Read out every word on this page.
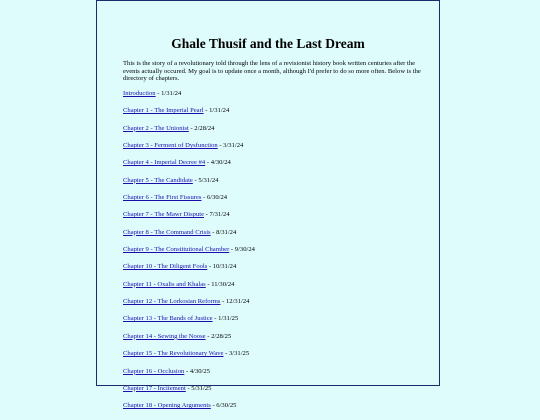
Ghale Thusif and the Last Dream

This is the story of a revolutionary told through the lens of a revisionist history book written centuries after the events actually occured. My goal is to update once a month, although I'd prefer to do so more often. Below is the directory of chapters.

Introduction - 1/31/24
Chapter 1 - The Imperial Pearl - 1/31/24
Chapter 2 - The Unionist - 2/28/24
Chapter 3 - Ferment of Dysfunction - 3/31/24
Chapter 4 - Imperial Decree #4 - 4/30/24
Chapter 5 - The Candidate - 5/31/24
Chapter 6 - The First Fissures - 6/30/24
Chapter 7 - The Mawr Dispute - 7/31/24
Chapter 8 - The Command Crisis - 8/31/24
Chapter 9 - The Constitutional Chamber - 9/30/24
Chapter 10 - The Diligent Fools - 10/31/24
Chapter 11 - Oxalis and Khalas - 11/30/24
Chapter 12 - The Lorkosian Reforms - 12/31/24
Chapter 13 - The Bands of Justice - 1/31/25
Chapter 14 - Sewing the Noose - 2/28/25
Chapter 15 - The Revolutionary Wave - 3/31/25
Chapter 16 - Occlusion - 4/30/25
Chapter 17 - Incitement - 5/31/25
Chapter 18 - Opening Arguments - 6/30/25
